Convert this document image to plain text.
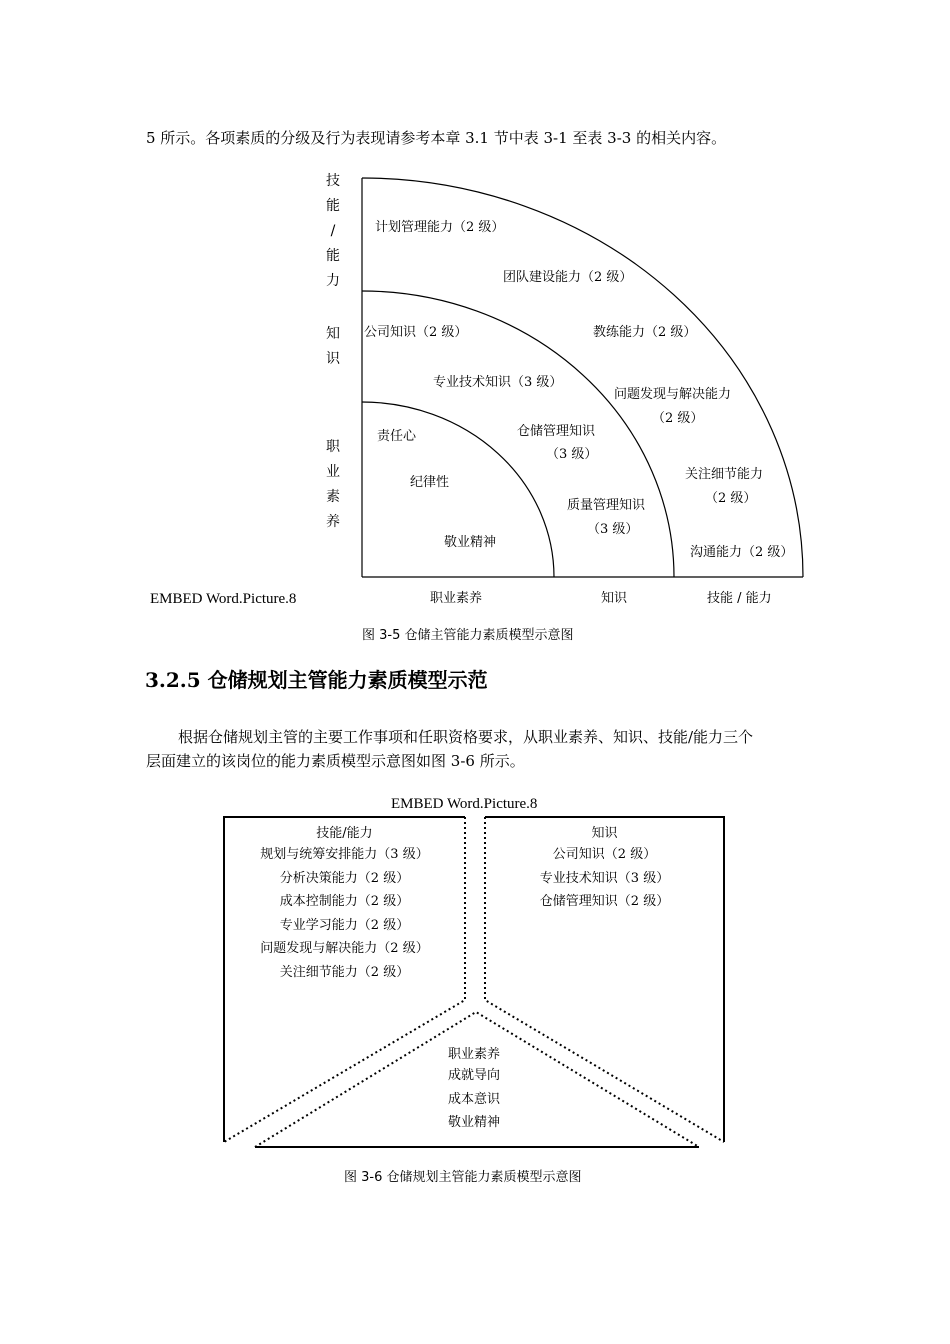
5 所示。各项素质的分级及行为表现请参考本章 3.1 节中表 3-1 至表 3-3 的相关内容。
技
能
/
能
力
知
识
职
业
素
养
计划管理能力（2 级）
团队建设能力（2 级）
教练能力（2 级）
问题发现与解决能力
（2 级）
关注细节能力
（2 级）
沟通能力（2 级）
公司知识（2 级）
专业技术知识（3 级）
仓储管理知识
（3 级）
质量管理知识
（3 级）
责任心
纪律性
敬业精神
职业素养	知识	技能 / 能力
EMBED Word.Picture.8
图 3-5 仓储主管能力素质模型示意图
3.2.5 仓储规划主管能力素质模型示范
根据仓储规划主管的主要工作事项和任职资格要求，从职业素养、知识、技能/能力三个
层面建立的该岗位的能力素质模型示意图如图 3-6 所示。
EMBED Word.Picture.8
技能/能力
规划与统筹安排能力（3 级）
分析决策能力（2 级）
成本控制能力（2 级）
专业学习能力（2 级）
问题发现与解决能力（2 级）
关注细节能力（2 级）
知识
公司知识（2 级）
专业技术知识（3 级）
仓储管理知识（2 级）
职业素养
成就导向
成本意识
敬业精神
图 3-6 仓储规划主管能力素质模型示意图
